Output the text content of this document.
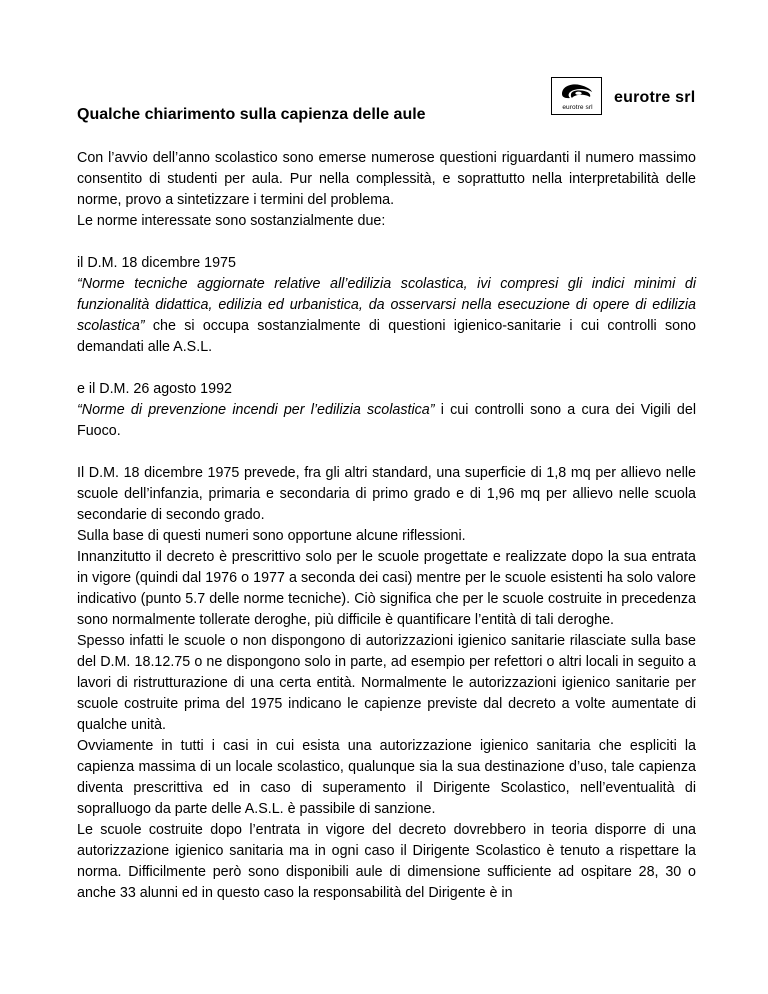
eurotre srl
eurotre srl
Qualche chiarimento sulla capienza delle aule

Con l’avvio dell’anno scolastico sono emerse numerose questioni riguardanti il numero massimo consentito di studenti per aula. Pur nella complessità, e soprattutto nella interpretabilità delle norme, provo a sintetizzare i termini del problema.
Le norme interessate sono sostanzialmente due:

il D.M. 18 dicembre 1975
“Norme tecniche aggiornate relative all’edilizia scolastica, ivi compresi gli indici minimi di funzionalità didattica, edilizia ed urbanistica, da osservarsi nella esecuzione di opere di edilizia scolastica” che si occupa sostanzialmente di questioni igienico-sanitarie i cui controlli sono demandati alle A.S.L.

e il D.M. 26 agosto 1992
“Norme di prevenzione incendi per l’edilizia scolastica” i cui controlli sono a cura dei Vigili del Fuoco.

Il D.M. 18 dicembre 1975 prevede, fra gli altri standard, una superficie di 1,8 mq per allievo nelle scuole dell’infanzia, primaria e secondaria di primo grado e di 1,96 mq per allievo nelle scuola secondarie di secondo grado.

Sulla base di questi numeri sono opportune alcune riflessioni.

Innanzitutto il decreto è prescrittivo solo per le scuole progettate e realizzate dopo la sua entrata in vigore (quindi dal 1976 o 1977 a seconda dei casi) mentre per le scuole esistenti ha solo valore indicativo (punto 5.7 delle norme tecniche). Ciò significa che per le scuole costruite in precedenza sono normalmente tollerate deroghe, più difficile è quantificare l’entità di tali deroghe.

Spesso infatti le scuole o non dispongono di autorizzazioni igienico sanitarie rilasciate sulla base del D.M. 18.12.75 o ne dispongono solo in parte, ad esempio per refettori o altri locali in seguito a lavori di ristrutturazione di una certa entità. Normalmente le autorizzazioni igienico sanitarie per scuole costruite prima del 1975 indicano le capienze previste dal decreto a volte aumentate di qualche unità.

Ovviamente in tutti i casi in cui esista una autorizzazione igienico sanitaria che espliciti la capienza massima di un locale scolastico, qualunque sia la sua destinazione d’uso, tale capienza diventa prescrittiva ed in caso di superamento il Dirigente Scolastico, nell’eventualità di sopralluogo da parte delle A.S.L. è passibile di sanzione.

Le scuole costruite dopo l’entrata in vigore del decreto dovrebbero in teoria disporre di una autorizzazione igienico sanitaria ma in ogni caso il Dirigente Scolastico è tenuto a rispettare la norma. Difficilmente però sono disponibili aule di dimensione sufficiente ad ospitare 28, 30 o anche 33 alunni ed in questo caso la responsabilità del Dirigente è in
